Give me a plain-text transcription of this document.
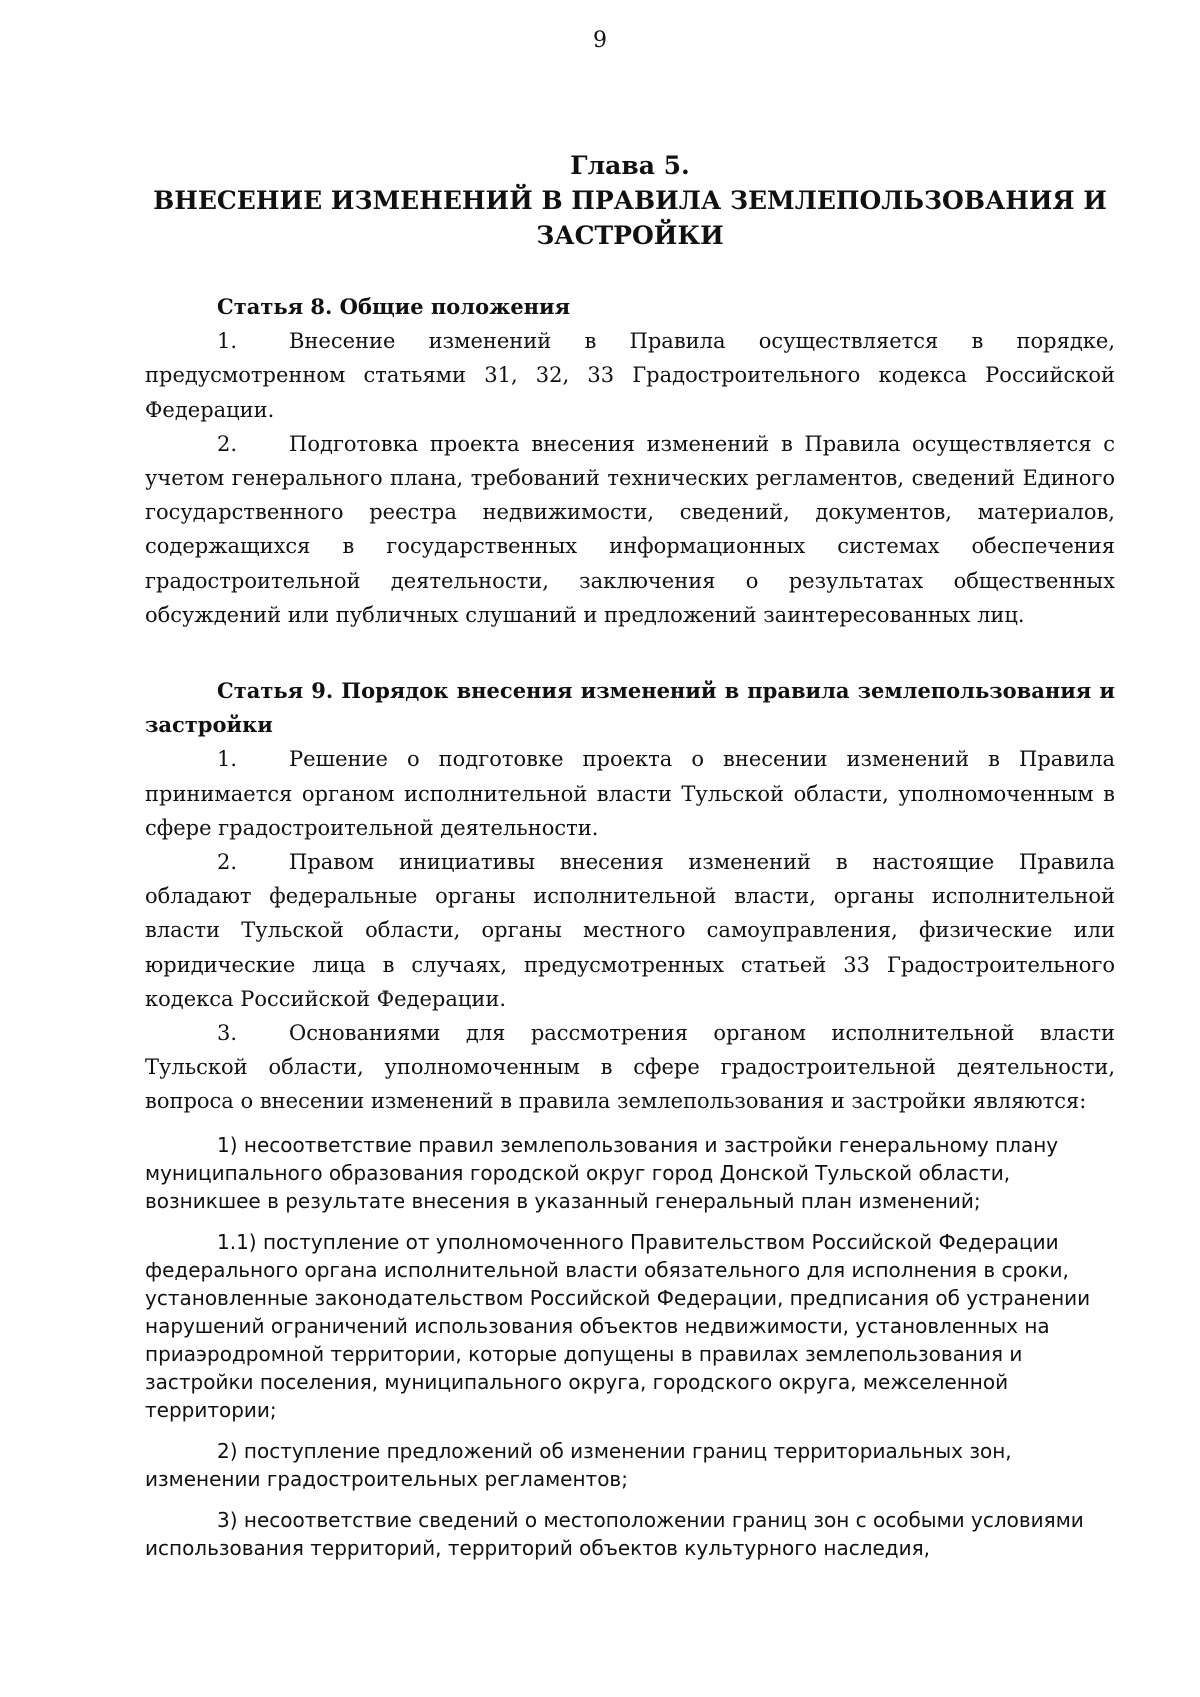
9
Глава 5.
ВНЕСЕНИЕ ИЗМЕНЕНИЙ В ПРАВИЛА ЗЕМЛЕПОЛЬЗОВАНИЯ И ЗАСТРОЙКИ

Статья 8. Общие положения

1. Внесение изменений в Правила осуществляется в порядке, предусмотренном статьями 31, 32, 33 Градостроительного кодекса Российской Федерации.

2. Подготовка проекта внесения изменений в Правила осуществляется с учетом генерального плана, требований технических регламентов, сведений Единого государственного реестра недвижимости, сведений, документов, материалов, содержащихся в государственных информационных системах обеспечения градостроительной деятельности, заключения о результатах общественных обсуждений или публичных слушаний и предложений заинтересованных лиц.

Статья 9. Порядок внесения изменений в правила землепользования и застройки

1. Решение о подготовке проекта о внесении изменений в Правила принимается органом исполнительной власти Тульской области, уполномоченным в сфере градостроительной деятельности.

2. Правом инициативы внесения изменений в настоящие Правила обладают федеральные органы исполнительной власти, органы исполнительной власти Тульской области, органы местного самоуправления, физические или юридические лица в случаях, предусмотренных статьей 33 Градостроительного кодекса Российской Федерации.

3. Основаниями для рассмотрения органом исполнительной власти Тульской области, уполномоченным в сфере градостроительной деятельности, вопроса о внесении изменений в правила землепользования и застройки являются:

1) несоответствие правил землепользования и застройки генеральному плану муниципального образования городской округ город Донской Тульской области, возникшее в результате внесения в указанный генеральный план изменений;

1.1) поступление от уполномоченного Правительством Российской Федерации федерального органа исполнительной власти обязательного для исполнения в сроки, установленные законодательством Российской Федерации, предписания об устранении нарушений ограничений использования объектов недвижимости, установленных на приаэродромной территории, которые допущены в правилах землепользования и застройки поселения, муниципального округа, городского округа, межселенной территории;

2) поступление предложений об изменении границ территориальных зон, изменении градостроительных регламентов;

3) несоответствие сведений о местоположении границ зон с особыми условиями использования территорий, территорий объектов культурного наследия,
